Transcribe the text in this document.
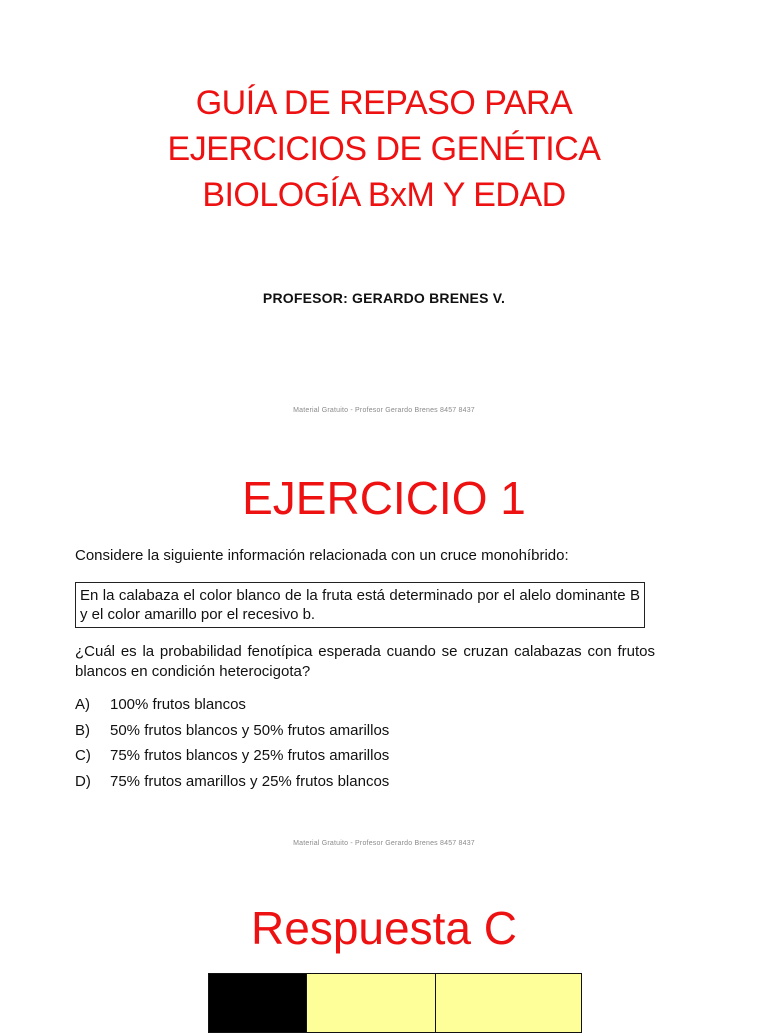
GUÍA DE REPASO PARA
EJERCICIOS DE GENÉTICA
BIOLOGÍA BxM Y EDAD
PROFESOR: GERARDO BRENES V.
Material Gratuito - Profesor Gerardo Brenes 8457 8437
EJERCICIO 1

Considere la siguiente información relacionada con un cruce monohíbrido:

En la calabaza el color blanco de la fruta está determinado por el alelo dominante B y el color amarillo por el recesivo b.
¿Cuál es la probabilidad fenotípica esperada cuando se cruzan calabazas con frutos blancos en condición heterocigota?
A)	100% frutos blancos
B)	50% frutos blancos y 50% frutos amarillos
C)	75% frutos blancos y 25% frutos amarillos
D)	75% frutos amarillos y 25% frutos blancos
Material Gratuito - Profesor Gerardo Brenes 8457 8437
Respuesta C
